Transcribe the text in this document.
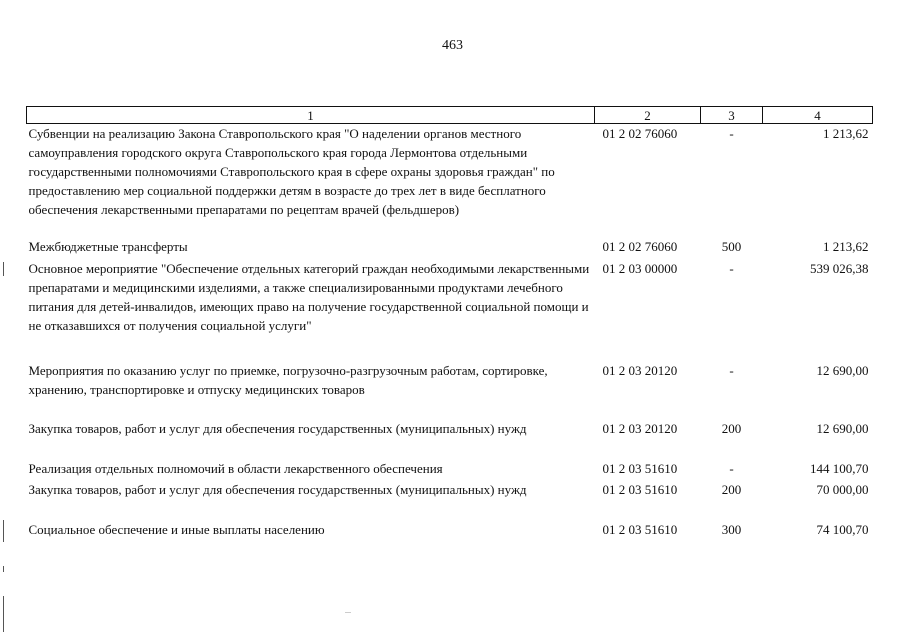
463
1	2	3	4
Субвенции на реализацию Закона Ставропольского края "О наделении органов местного самоуправления городского округа Ставропольского края города Лермонтова отдельными государственными полномочиями Ставропольского края в сфере охраны здоровья граждан" по предоставлению мер социальной поддержки детям в возрасте до трех лет в виде бесплатного обеспечения лекарственными препаратами по рецептам врачей (фельдшеров)	01 2 02 76060	-	1 213,62
Межбюджетные трансферты	01 2 02 76060	500	1 213,62
Основное мероприятие "Обеспечение отдельных категорий граждан необходимыми лекарственными препаратами и медицинскими изделиями, а также специализированными продуктами лечебного питания для детей-инвалидов, имеющих право на получение государственной социальной помощи и не отказавшихся от получения социальной услуги"	01 2 03 00000	-	539 026,38
Мероприятия по оказанию услуг по приемке, погрузочно-разгрузочным работам, сортировке, хранению, транспортировке и отпуску медицинских товаров	01 2 03 20120	-	12 690,00
Закупка товаров, работ и услуг для обеспечения государственных (муниципальных) нужд	01 2 03 20120	200	12 690,00
Реализация отдельных полномочий в области лекарственного обеспечения	01 2 03 51610	-	144 100,70
Закупка товаров, работ и услуг для обеспечения государственных (муниципальных) нужд	01 2 03 51610	200	70 000,00
Социальное обеспечение и иные выплаты населению	01 2 03 51610	300	74 100,70
